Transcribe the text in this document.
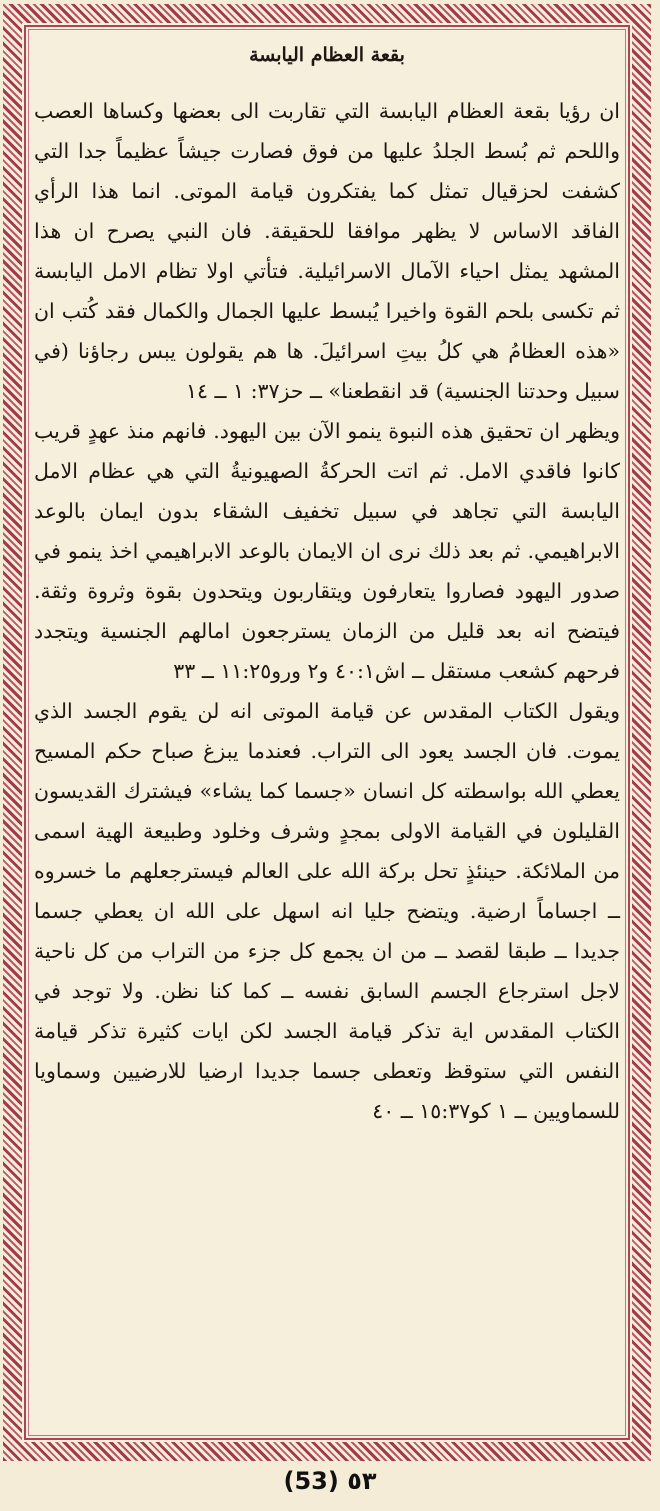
بقعة العظام اليابسة

ان رؤيا بقعة العظام اليابسة التي تقاربت الى بعضها وكساها العصب واللحم ثم بُسط الجلدُ عليها من فوق فصارت جيشاً عظيماً جدا التي كشفت لحزقيال تمثل كما يفتكرون قيامة الموتى. انما هذا الرأي الفاقد الاساس لا يظهر موافقا للحقيقة. فان النبي يصرح ان هذا المشهد يمثل احياء الآمال الاسرائيلية. فتأتي اولا تظام الامل اليابسة ثم تكسى بلحم القوة واخيرا يُبسط عليها الجمال والكمال فقد كُتب ان «هذه العظامُ هي كلُ بيتِ اسرائيلَ. ها هم يقولون يبس رجاؤنا (في سبيل وحدتنا الجنسية) قد انقطعنا» ــ حز٣٧: ١ ــ ١٤

ويظهر ان تحقيق هذه النبوة ينمو الآن بين اليهود. فانهم منذ عهدٍ قريب كانوا فاقدي الامل. ثم اتت الحركةُ الصهيونيةُ التي هي عظام الامل اليابسة التي تجاهد في سبيل تخفيف الشقاء بدون ايمان بالوعد الابراهيمي. ثم بعد ذلك نرى ان الايمان بالوعد الابراهيمي اخذ ينمو في صدور اليهود فصاروا يتعارفون ويتقاربون ويتحدون بقوة وثروة وثقة. فيتضح انه بعد قليل من الزمان يسترجعون امالهم الجنسية ويتجدد فرحهم كشعب مستقل ــ اش٤٠:١ و٢ ورو١١:٢٥ ــ ٣٣

ويقول الكتاب المقدس عن قيامة الموتى انه لن يقوم الجسد الذي يموت. فان الجسد يعود الى التراب. فعندما يبزغ صباح حكم المسيح يعطي الله بواسطته كل انسان «جسما كما يشاء» فيشترك القديسون القليلون في القيامة الاولى بمجدٍ وشرف وخلود وطبيعة الهية اسمى من الملائكة. حينئذٍ تحل بركة الله على العالم فيسترجعلهم ما خسروه ــ اجساماً ارضية. ويتضح جليا انه اسهل على الله ان يعطي جسما جديدا ــ طبقا لقصد ــ من ان يجمع كل جزء من التراب من كل ناحية لاجل استرجاع الجسم السابق نفسه ــ كما كنا نظن. ولا توجد في الكتاب المقدس اية تذكر قيامة الجسد لكن ايات كثيرة تذكر قيامة النفس التي ستوقظ وتعطى جسما جديدا ارضيا للارضيين وسماويا للسماويين ــ ١ كو١٥:٣٧ ــ ٤٠

(53) ٥٣
